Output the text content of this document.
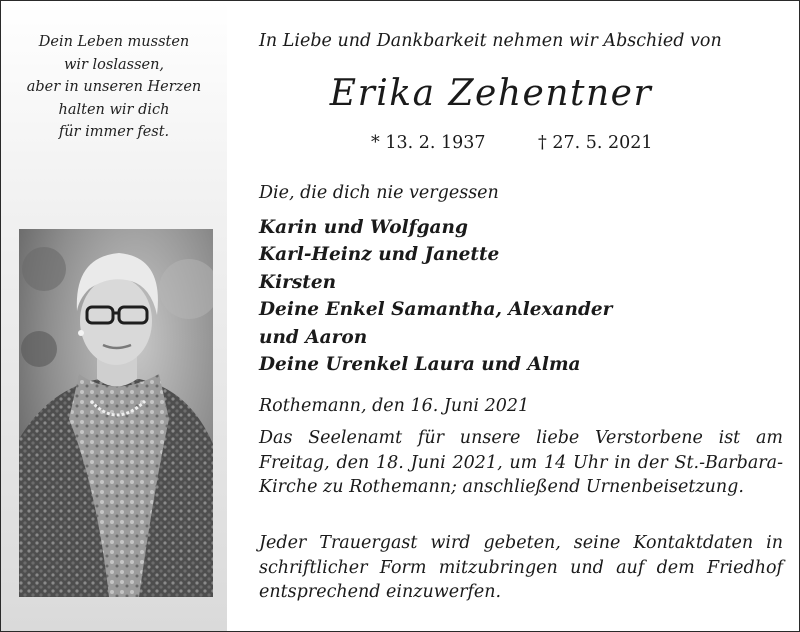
Dein Leben mussten
wir loslassen,
aber in unseren Herzen
halten wir dich
für immer fest.
In Liebe und Dankbarkeit nehmen wir Abschied von
Erika Zehentner
* 13. 2. 1937	† 27. 5. 2021
Die, die dich nie vergessen
Karin und Wolfgang
Karl-Heinz und Janette
Kirsten
Deine Enkel Samantha, Alexander
und Aaron
Deine Urenkel Laura und Alma
Rothemann, den 16. Juni 2021
Das Seelenamt für unsere liebe Verstorbene ist am Freitag, den 18. Juni 2021, um 14 Uhr in der St.-Barbara-Kirche zu Rothemann; anschließend Urnenbeisetzung.
Jeder Trauergast wird gebeten, seine Kontaktdaten in schriftlicher Form mitzubringen und auf dem Friedhof entsprechend einzuwerfen.
